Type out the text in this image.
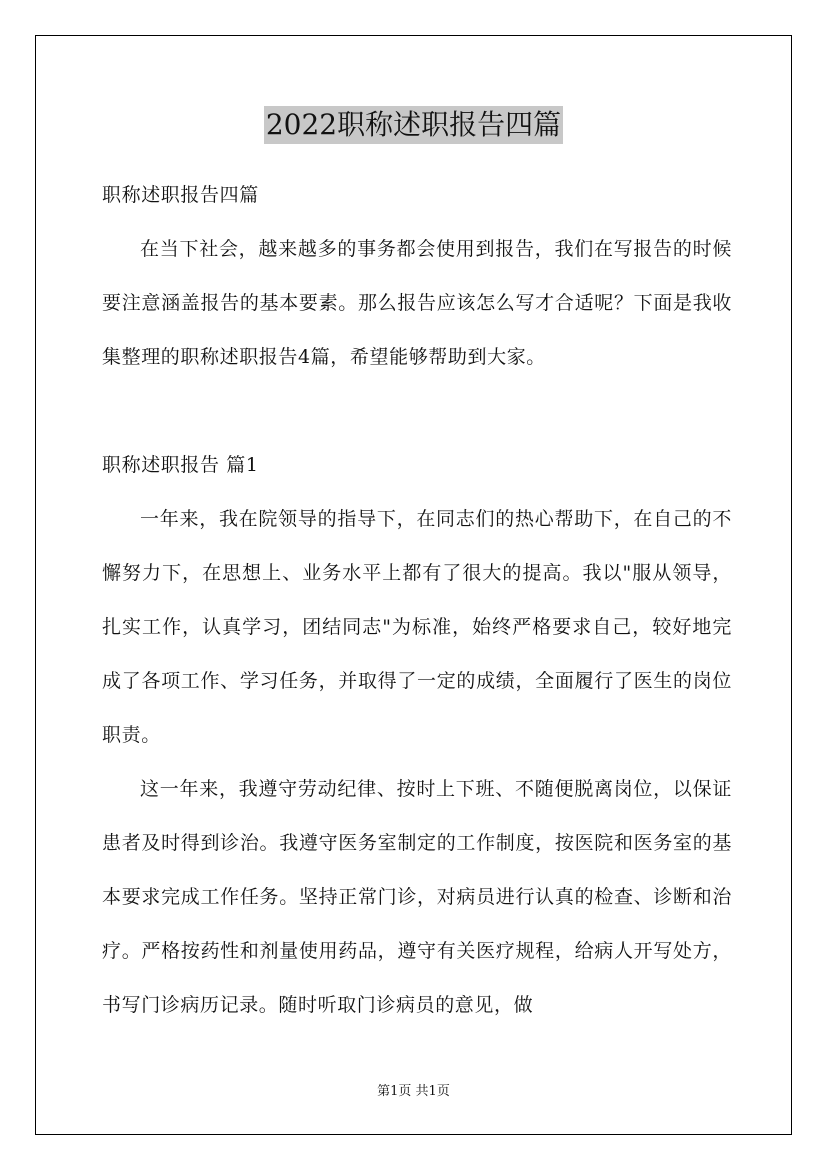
2022职称述职报告四篇

职称述职报告四篇

在当下社会，越来越多的事务都会使用到报告，我们在写报告的时候要注意涵盖报告的基本要素。那么报告应该怎么写才合适呢？下面是我收集整理的职称述职报告4篇，希望能够帮助到大家。

职称述职报告 篇1

一年来，我在院领导的指导下，在同志们的热心帮助下，在自己的不懈努力下，在思想上、业务水平上都有了很大的提高。我以"服从领导，扎实工作，认真学习，团结同志"为标准，始终严格要求自己，较好地完成了各项工作、学习任务，并取得了一定的成绩，全面履行了医生的岗位职责。

这一年来，我遵守劳动纪律、按时上下班、不随便脱离岗位，以保证患者及时得到诊治。我遵守医务室制定的工作制度，按医院和医务室的基本要求完成工作任务。坚持正常门诊，对病员进行认真的检查、诊断和治疗。严格按药性和剂量使用药品，遵守有关医疗规程，给病人开写处方，书写门诊病历记录。随时听取门诊病员的意见，做

第1页 共1页
